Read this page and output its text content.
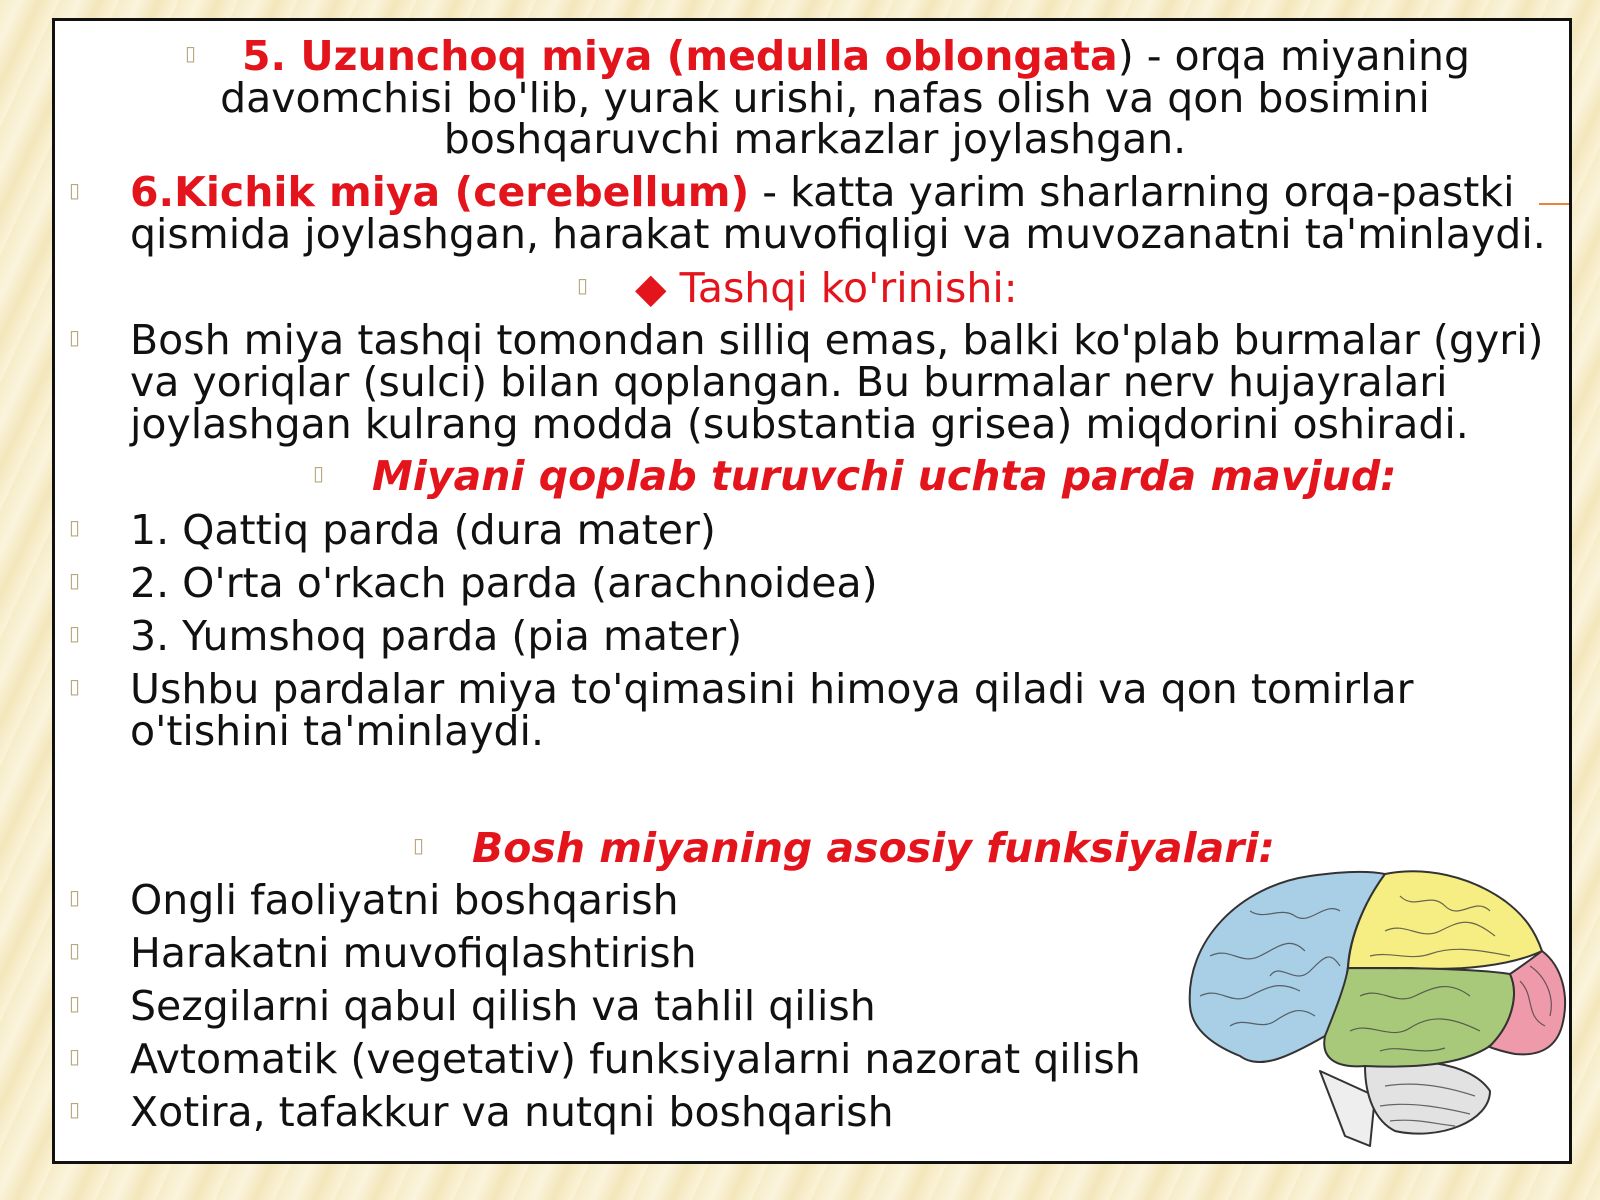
▯ 5. Uzunchoq miya (medulla oblongata) - orqa miyaning
davomchisi bo'lib, yurak urishi, nafas olish va qon bosimini
boshqaruvchi markazlar joylashgan.
▯ 6.Kichik miya (cerebellum) - katta yarim sharlarning orqa-pastki
qismida joylashgan, harakat muvofiqligi va muvozanatni ta'minlaydi.
▯ ◆ Tashqi ko'rinishi:
▯ Bosh miya tashqi tomondan silliq emas, balki ko'plab burmalar (gyri)
va yoriqlar (sulci) bilan qoplangan. Bu burmalar nerv hujayralari
joylashgan kulrang modda (substantia grisea) miqdorini oshiradi.
▯ Miyani qoplab turuvchi uchta parda mavjud:
▯ 1. Qattiq parda (dura mater)
▯ 2. O'rta o'rkach parda (arachnoidea)
▯ 3. Yumshoq parda (pia mater)
▯ Ushbu pardalar miya to'qimasini himoya qiladi va qon tomirlar
o'tishini ta'minlaydi.
▯ Bosh miyaning asosiy funksiyalari:
▯ Ongli faoliyatni boshqarish
▯ Harakatni muvofiqlashtirish
▯ Sezgilarni qabul qilish va tahlil qilish
▯ Avtomatik (vegetativ) funksiyalarni nazorat qilish
▯ Xotira, tafakkur va nutqni boshqarish
